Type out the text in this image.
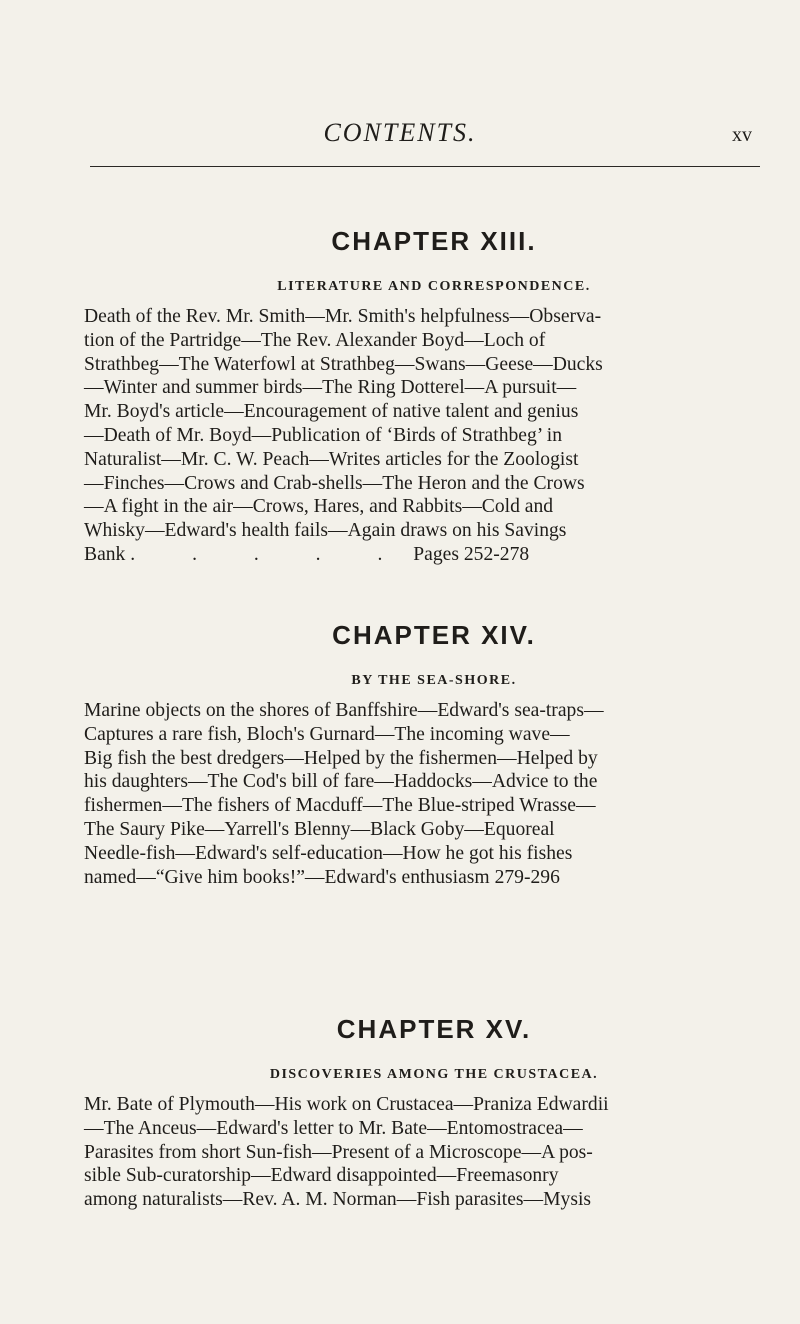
CONTENTS.	xv
CHAPTER XIII.
LITERATURE AND CORRESPONDENCE.

Death of the Rev. Mr. Smith—Mr. Smith's helpfulness—Observa-
tion of the Partridge—The Rev. Alexander Boyd—Loch of
Strathbeg—The Waterfowl at Strathbeg—Swans—Geese—Ducks
—Winter and summer birds—The Ring Dotterel—A pursuit—
Mr. Boyd's article—Encouragement of native talent and genius
—Death of Mr. Boyd—Publication of ‘Birds of Strathbeg’ in
Naturalist—Mr. C. W. Peach—Writes articles for the Zoologist
—Finches—Crows and Crab-shells—The Heron and the Crows
—A fight in the air—Crows, Hares, and Rabbits—Cold and
Whisky—Edward's health fails—Again draws on his Savings
Bank . . . . . Pages 252-278

CHAPTER XIV.
BY THE SEA-SHORE.

Marine objects on the shores of Banffshire—Edward's sea-traps—
Captures a rare fish, Bloch's Gurnard—The incoming wave—
Big fish the best dredgers—Helped by the fishermen—Helped by
his daughters—The Cod's bill of fare—Haddocks—Advice to the
fishermen—The fishers of Macduff—The Blue-striped Wrasse—
The Saury Pike—Yarrell's Blenny—Black Goby—Equoreal
Needle-fish—Edward's self-education—How he got his fishes
named—“Give him books!”—Edward's enthusiasm 279-296

CHAPTER XV.
DISCOVERIES AMONG THE CRUSTACEA.

Mr. Bate of Plymouth—His work on Crustacea—Praniza Edwardii
—The Anceus—Edward's letter to Mr. Bate—Entomostracea—
Parasites from short Sun-fish—Present of a Microscope—A pos-
sible Sub-curatorship—Edward disappointed—Freemasonry
among naturalists—Rev. A. M. Norman—Fish parasites—Mysis
